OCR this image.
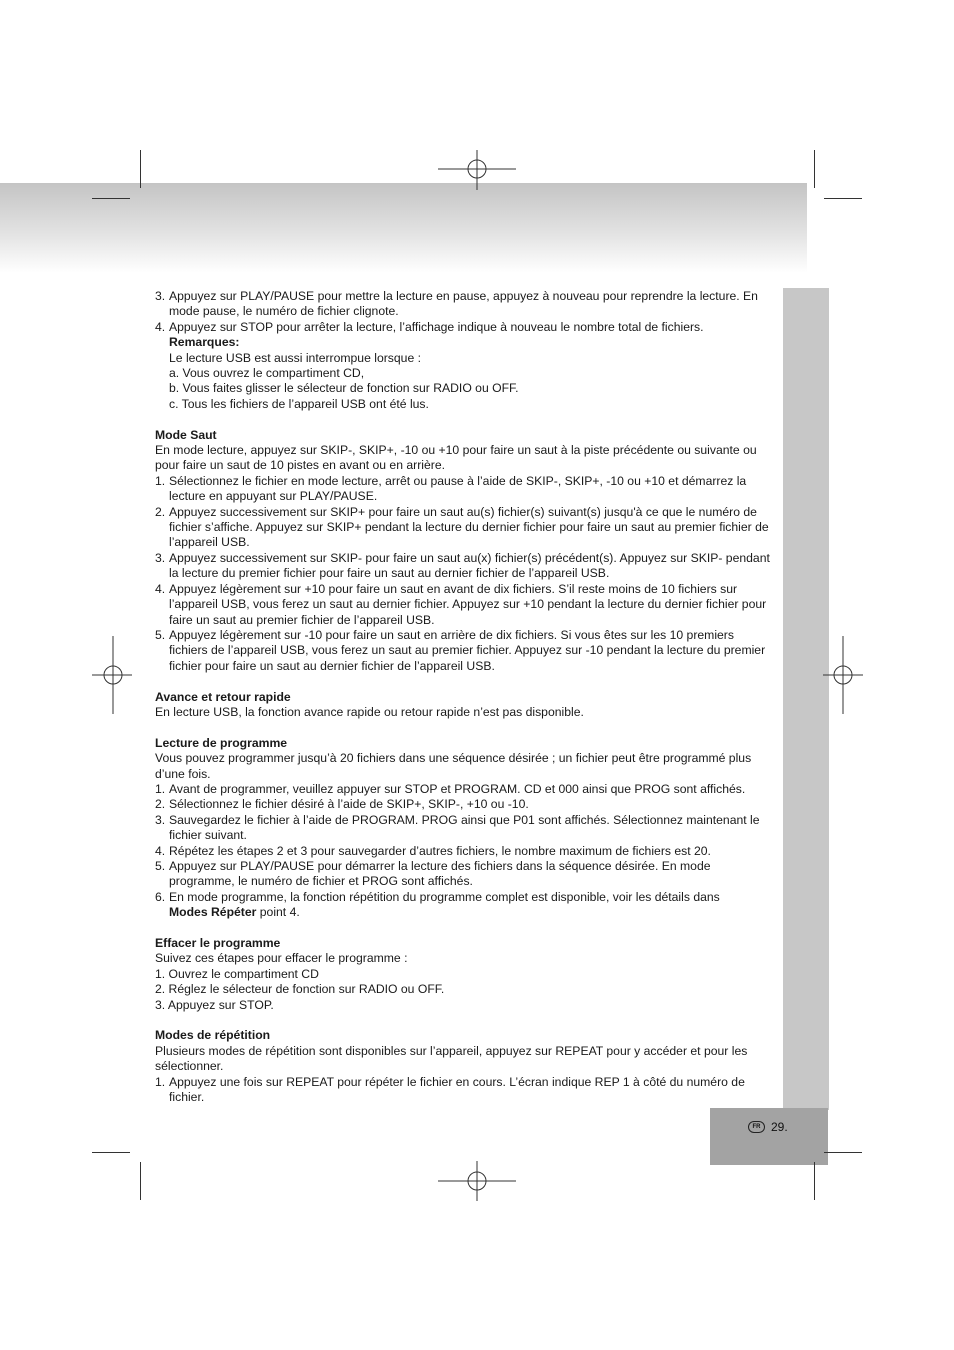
FR 29.
3. Appuyez sur PLAY/PAUSE pour mettre la lecture en pause, appuyez à nouveau pour reprendre la lecture. En mode pause, le numéro de fichier clignote.
4. Appuyez sur STOP pour arrêter la lecture, l’affichage indique à nouveau le nombre total de fichiers.

Remarques:

Le lecture USB est aussi interrompue lorsque :

a. Vous ouvrez le compartiment CD,

b. Vous faites glisser le sélecteur de fonction sur RADIO ou OFF.

c. Tous les fichiers de l’appareil USB ont été lus.

Mode Saut

En mode lecture, appuyez sur SKIP-, SKIP+, -10 ou +10 pour faire un saut à la piste précédente ou suivante ou pour faire un saut de 10 pistes en avant ou en arrière.

1. Sélectionnez le fichier en mode lecture, arrêt ou pause à l’aide de SKIP-, SKIP+, -10 ou +10 et démarrez la lecture en appuyant sur PLAY/PAUSE.
2. Appuyez successivement sur SKIP+ pour faire un saut au(s) fichier(s) suivant(s) jusqu'à ce que le numéro de fichier s’affiche. Appuyez sur SKIP+ pendant la lecture du dernier fichier pour faire un saut au premier fichier de l’appareil USB.
3. Appuyez successivement sur SKIP- pour faire un saut au(x) fichier(s) précédent(s). Appuyez sur SKIP- pendant la lecture du premier fichier pour faire un saut au dernier fichier de l’appareil USB.
4. Appuyez légèrement sur +10 pour faire un saut en avant de dix fichiers. S’il reste moins de 10 fichiers sur l’appareil USB, vous ferez un saut au dernier fichier. Appuyez sur +10 pendant la lecture du dernier fichier pour faire un saut au premier fichier de l’appareil USB.
5. Appuyez légèrement sur -10 pour faire un saut en arrière de dix fichiers. Si vous êtes sur les 10 premiers fichiers de l’appareil USB, vous ferez un saut au premier fichier. Appuyez sur -10 pendant la lecture du premier fichier pour faire un saut au dernier fichier de l’appareil USB.

Avance et retour rapide

En lecture USB, la fonction avance rapide ou retour rapide n’est pas disponible.

Lecture de programme

Vous pouvez programmer jusqu’à 20 fichiers dans une séquence désirée ; un fichier peut être programmé plus d’une fois.

1. Avant de programmer, veuillez appuyer sur STOP et PROGRAM. CD et 000 ainsi que PROG sont affichés.
2. Sélectionnez le fichier désiré à l’aide de SKIP+, SKIP-, +10 ou -10.
3. Sauvegardez le fichier à l’aide de PROGRAM. PROG ainsi que P01 sont affichés. Sélectionnez maintenant le fichier suivant.
4. Répétez les étapes 2 et 3 pour sauvegarder d’autres fichiers, le nombre maximum de fichiers est 20.
5. Appuyez sur PLAY/PAUSE pour démarrer la lecture des fichiers dans la séquence désirée. En mode programme, le numéro de fichier et PROG sont affichés.
6. En mode programme, la fonction répétition du programme complet est disponible, voir les détails dans
Modes Répéter point 4.

Effacer le programme

Suivez ces étapes pour effacer le programme :

1. Ouvrez le compartiment CD

2. Réglez le sélecteur de fonction sur RADIO ou OFF.

3. Appuyez sur STOP.

Modes de répétition

Plusieurs modes de répétition sont disponibles sur l’appareil, appuyez sur REPEAT pour y accéder et pour les sélectionner.

1. Appuyez une fois sur REPEAT pour répéter le fichier en cours. L’écran indique REP 1 à côté du numéro de fichier.
